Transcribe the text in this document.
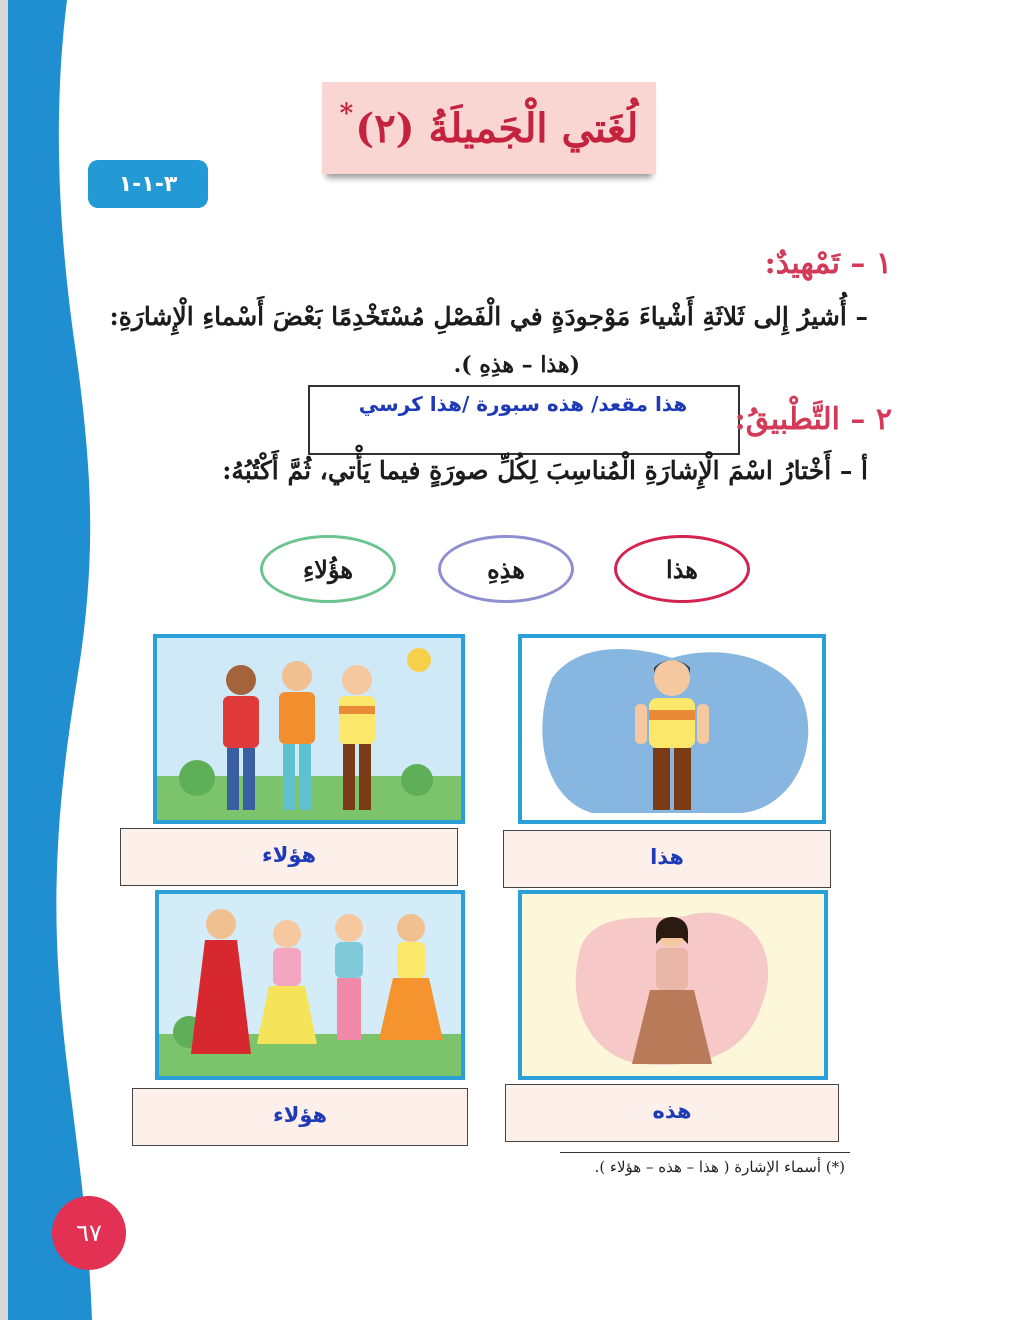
لُغَتي الْجَميلَةُ (٢)
*
٣-١-١
١ – تَمْهيدٌ:
– أُشيرُ إِلى ثَلاثَةِ أَشْياءَ مَوْجودَةٍ في الْفَصْلِ مُسْتَخْدِمًا بَعْضَ أَسْماءِ الْإِشارَةِ:
(هذا – هذِهِ ).
هذا مقعد/ هذه سبورة /هذا كرسي	٢ – التَّطْبيقُ:
أ – أَخْتارُ اسْمَ الْإِشارَةِ الْمُناسِبَ لِكُلِّ صورَةٍ فيما يَأْتي، ثُمَّ أَكْتُبُهُ:
هذا
هذِهِ
هؤُلاءِ
هذا
هؤلاء
هذه
هؤلاء
(*) أسماء الإشارة ( هذا – هذه – هؤلاء ).
٦٧
